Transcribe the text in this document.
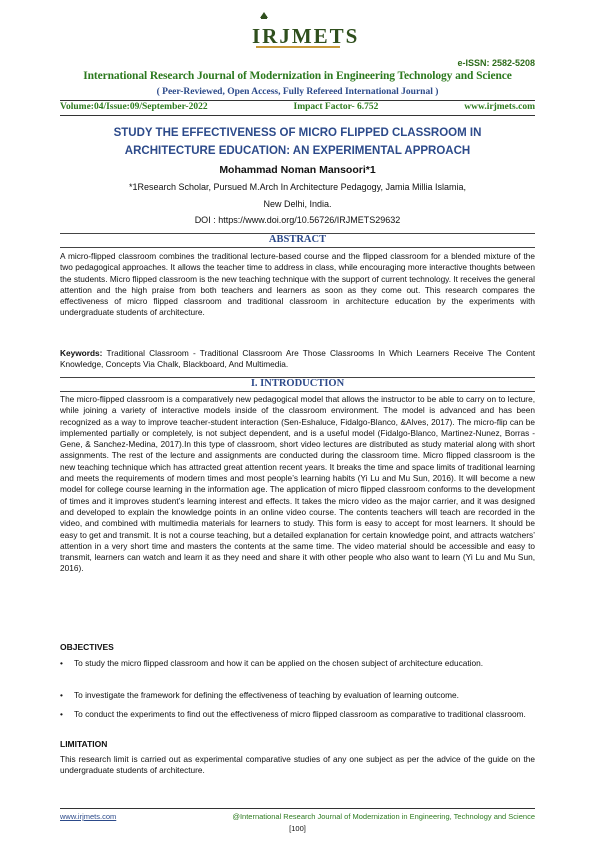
IRJMETS
e-ISSN: 2582-5208
International Research Journal of Modernization in Engineering Technology and Science
( Peer-Reviewed, Open Access, Fully Refereed International Journal )
Volume:04/Issue:09/September-2022	Impact Factor- 6.752	www.irjmets.com
STUDY THE EFFECTIVENESS OF MICRO FLIPPED CLASSROOM IN
ARCHITECTURE EDUCATION: AN EXPERIMENTAL APPROACH
Mohammad Noman Mansoori*1
*1Research Scholar, Pursued M.Arch In Architecture Pedagogy, Jamia Millia Islamia,
New Delhi, India.
DOI : https://www.doi.org/10.56726/IRJMETS29632
ABSTRACT
A micro-flipped classroom combines the traditional lecture-based course and the flipped classroom for a blended mixture of the two pedagogical approaches. It allows the teacher time to address in class, while encouraging more interactive thoughts between the students. Micro flipped classroom is the new teaching technique with the support of current technology. It receives the general attention and the high praise from both teachers and learners as soon as they come out. This research compares the effectiveness of micro flipped classroom and traditional classroom in architecture education by the experiments with undergraduate students of architecture.
Keywords: Traditional Classroom - Traditional Classroom Are Those Classrooms In Which Learners Receive The Content Knowledge, Concepts Via Chalk, Blackboard, And Multimedia.
I. INTRODUCTION
The micro-flipped classroom is a comparatively new pedagogical model that allows the instructor to be able to carry on to lecture, while joining a variety of interactive models inside of the classroom environment. The model is advanced and has been recognized as a way to improve teacher-student interaction (Sen-Eshaluce, Fidalgo-Blanco, &Alves, 2017). The micro-flip can be implemented partially or completely, is not subject dependent, and is a useful model (Fidalgo-Blanco, Martinez-Nunez, Borras -Gene, & Sanchez-Medina, 2017).In this type of classroom, short video lectures are distributed as study material along with short assignments. The rest of the lecture and assignments are conducted during the classroom time. Micro flipped classroom is the new teaching technique which has attracted great attention recent years. It breaks the time and space limits of traditional learning and meets the requirements of modern times and most people’s learning habits (Yi Lu and Mu Sun, 2016). It will become a new model for college course learning in the information age. The application of micro flipped classroom conforms to the development of times and it improves student’s learning interest and effects. It takes the micro video as the major carrier, and it was designed and developed to explain the knowledge points in an online video course. The contents teachers will teach are recorded in the video, and combined with multimedia materials for learners to study. This form is easy to accept for most learners. It should be easy to get and transmit. It is not a course teaching, but a detailed explanation for certain knowledge point, and attracts watchers’ attention in a very short time and masters the contents at the same time. The video material should be accessible and easy to transmit, learners can watch and learn it as they need and share it with other people who also want to learn (Yi Lu and Mu Sun, 2016).
OBJECTIVES
•	To study the micro flipped classroom and how it can be applied on the chosen subject of architecture education.
•	To investigate the framework for defining the effectiveness of teaching by evaluation of learning outcome.
•	To conduct the experiments to find out the effectiveness of micro flipped classroom as comparative to traditional classroom.
LIMITATION
This research limit is carried out as experimental comparative studies of any one subject as per the advice of the guide on the undergraduate students of architecture.
www.irjmets.com	@International Research Journal of Modernization in Engineering, Technology and Science
[100]
